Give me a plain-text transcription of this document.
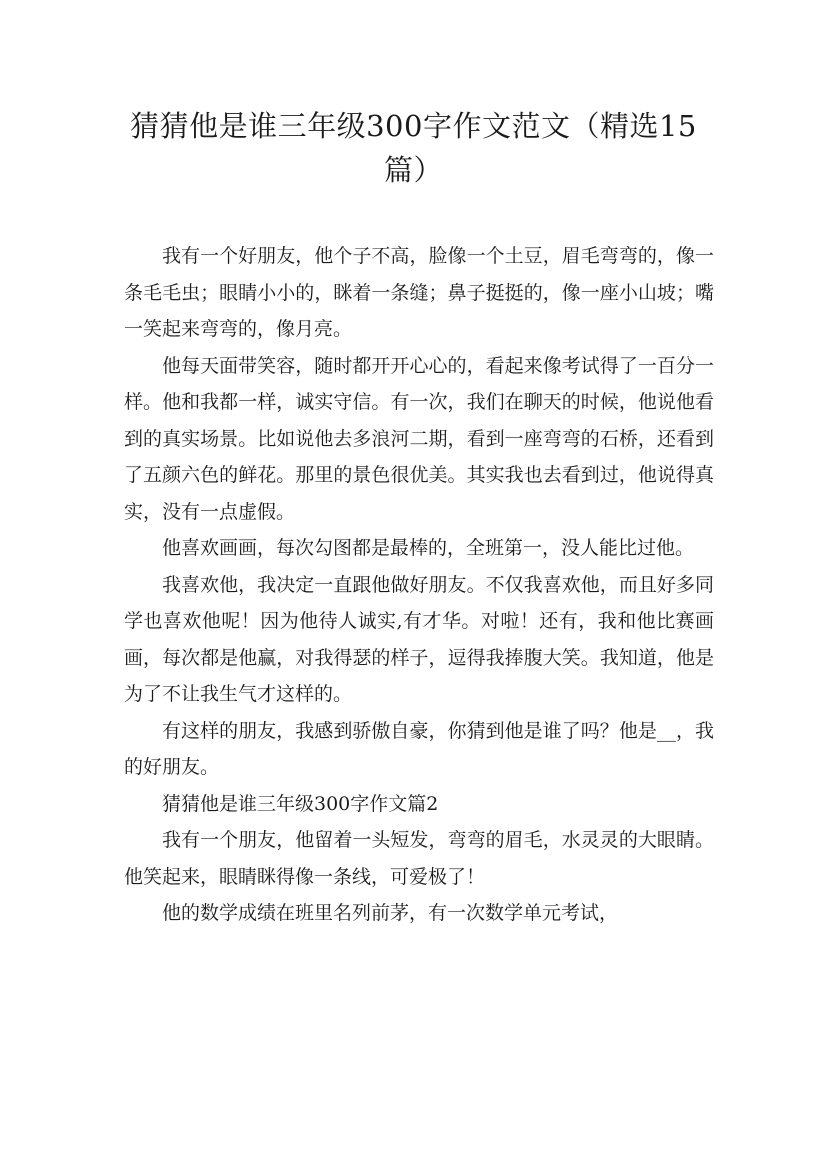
猜猜他是谁三年级300字作文范文（精选15篇）

我有一个好朋友，他个子不高，脸像一个土豆，眉毛弯弯的，像一条毛毛虫；眼睛小小的，眯着一条缝；鼻子挺挺的，像一座小山坡；嘴一笑起来弯弯的，像月亮。

他每天面带笑容，随时都开开心心的，看起来像考试得了一百分一样。他和我都一样，诚实守信。有一次，我们在聊天的时候，他说他看到的真实场景。比如说他去多浪河二期，看到一座弯弯的石桥，还看到了五颜六色的鲜花。那里的景色很优美。其实我也去看到过，他说得真实，没有一点虚假。

他喜欢画画，每次勾图都是最棒的，全班第一，没人能比过他。

我喜欢他，我决定一直跟他做好朋友。不仅我喜欢他，而且好多同学也喜欢他呢！因为他待人诚实,有才华。对啦！还有，我和他比赛画画，每次都是他赢，对我得瑟的样子，逗得我捧腹大笑。我知道，他是为了不让我生气才这样的。

有这样的朋友，我感到骄傲自豪，你猜到他是谁了吗？他是__，我的好朋友。

猜猜他是谁三年级300字作文篇2

我有一个朋友，他留着一头短发，弯弯的眉毛，水灵灵的大眼睛。他笑起来，眼睛眯得像一条线，可爱极了！

他的数学成绩在班里名列前茅，有一次数学单元考试，
